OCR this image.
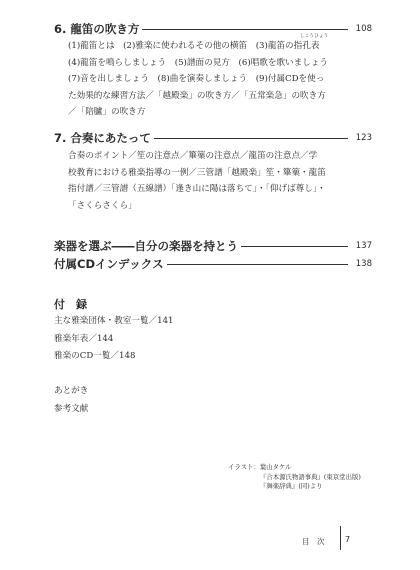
6. 龍笛の吹き方	108
(1)龍笛とは　 (2)雅楽に使われるその他の横笛　
しこうひょう
(3)龍笛の指孔表
(4)龍笛を鳴らしましょう　 (5)譜面の見方　 (6)唱歌を歌いましょう
(7)音を出しましょう　 (8)曲を演奏しましょう　 (9)付属CDを使っ
た効果的な練習方法／「越殿楽」の吹き方／「五常楽急」の吹き方
／「陪臚」の吹き方
7. 合奏にあたって	123
合奏のポイント／笙の注意点／篳篥の注意点／龍笛の注意点／学
校教育における雅楽指導の一例／三管譜「越殿楽」笙・篳篥・龍笛
指付譜／三管譜（五線譜）「逢き山に陽は落ちて」・「仰げば尊し」・
「さくらさくら」
楽器を選ぶ――自分の楽器を持とう	137
付属CDインデックス	138
付　録
主な雅楽団体・教室一覧／141
雅楽年表／144
雅楽のCD一覧／148
あとがき
参考文献
イラスト：葉山タケル
『合本源氏物語事典』(東京堂出版)
『舞楽辞典』(同)より
目　次	7
